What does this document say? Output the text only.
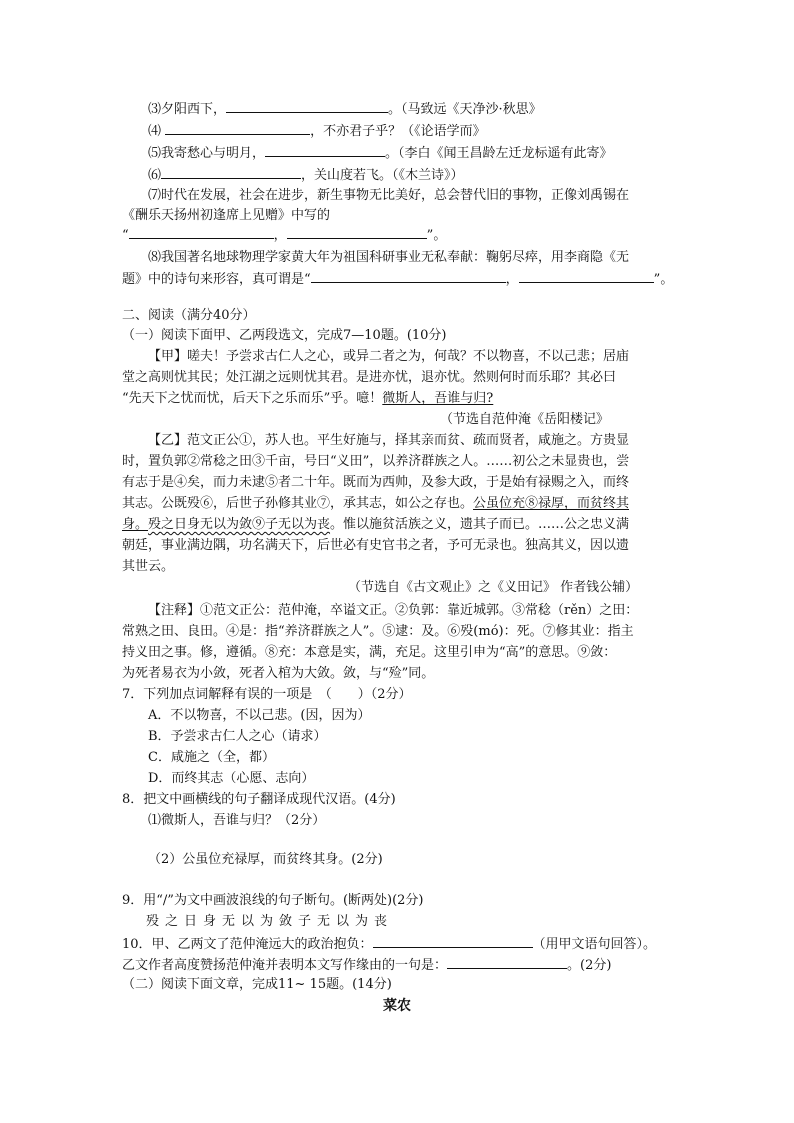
⑶夕阳西下，	。（马致远《天净沙·秋思》
⑷	，不亦君子乎？（《论语学而》
⑸我寄愁心与明月，	。（李白《闻王昌龄左迁龙标遥有此寄》
⑹	，关山度若飞。（《木兰诗》）
⑺时代在发展，社会在进步，新生事物无比美好，总会替代旧的事物，正像刘禹锡在
《酬乐天扬州初逢席上见赠》中写的
“	，	”。
⑻我国著名地球物理学家黄大年为祖国科研事业无私奉献：鞠躬尽瘁，用李商隐《无
题》中的诗句来形容，真可谓是“	，	”。
二、阅读（满分40分）
（一）阅读下面甲、乙两段选文，完成7—10题。(10分)
【甲】嗟夫！予尝求古仁人之心，或异二者之为，何哉？不以物喜，不以己悲；居庙
堂之高则忧其民；处江湖之远则忧其君。是进亦忧，退亦忧。然则何时而乐耶？其必曰
“先天下之忧而忧，后天下之乐而乐”乎。噫！微斯人，吾谁与归?
（节选自范仲淹《岳阳楼记》
【乙】范文正公①，苏人也。平生好施与，择其亲而贫、疏而贤者，咸施之。方贵显
时，置负郭②常稔之田③千亩，号曰“义田”，以养济群族之人。……初公之未显贵也，尝
有志于是④矣，而力未逮⑤者二十年。既而为西帅，及参大政，于是始有禄赐之入，而终
其志。公既殁⑥，后世子孙修其业⑦，承其志，如公之存也。公虽位充⑧禄厚，而贫终其
身。殁之日身无以为敛⑨子无以为丧。惟以施贫活族之义，遗其子而已。……公之忠义满
朝廷，事业满边隅，功名满天下，后世必有史官书之者，予可无录也。独高其义，因以遗
其世云。
（节选自《古文观止》之《义田记》 作者钱公辅）
【注释】①范文正公：范仲淹，卒谥文正。②负郭：靠近城郭。③常稔（rěn）之田：
常熟之田、良田。④是：指“养济群族之人”。⑤逮：及。⑥殁(mó)：死。⑦修其业：指主
持义田之事。修，遵循。⑧充：本意是实，满，充足。这里引申为“高”的意思。⑨敛：
为死者易衣为小敛，死者入棺为大敛。敛，与“殓”同。
7．下列加点词解释有误的一项是　（　　）（2分）
A．不以物喜，不以己悲。(因，因为）
B．予尝求古仁人之心（请求）
C．咸施之（全，都）
D．而终其志（心愿、志向）
8．把文中画横线的句子翻译成现代汉语。(4分)
⑴微斯人，吾谁与归？（2分）
（2）公虽位充禄厚，而贫终其身。(2分)
9．用“/”为文中画波浪线的句子断句。(断两处)(2分)
殁之日身无以为敛子无以为丧
10．甲、乙两文了范仲淹远大的政治抱负：	（用甲文语句回答）。
乙文作者高度赞扬范仲淹并表明本文写作缘由的一句是：	。(2分)
（二）阅读下面文章，完成11~ 15题。(14分)
菜农
